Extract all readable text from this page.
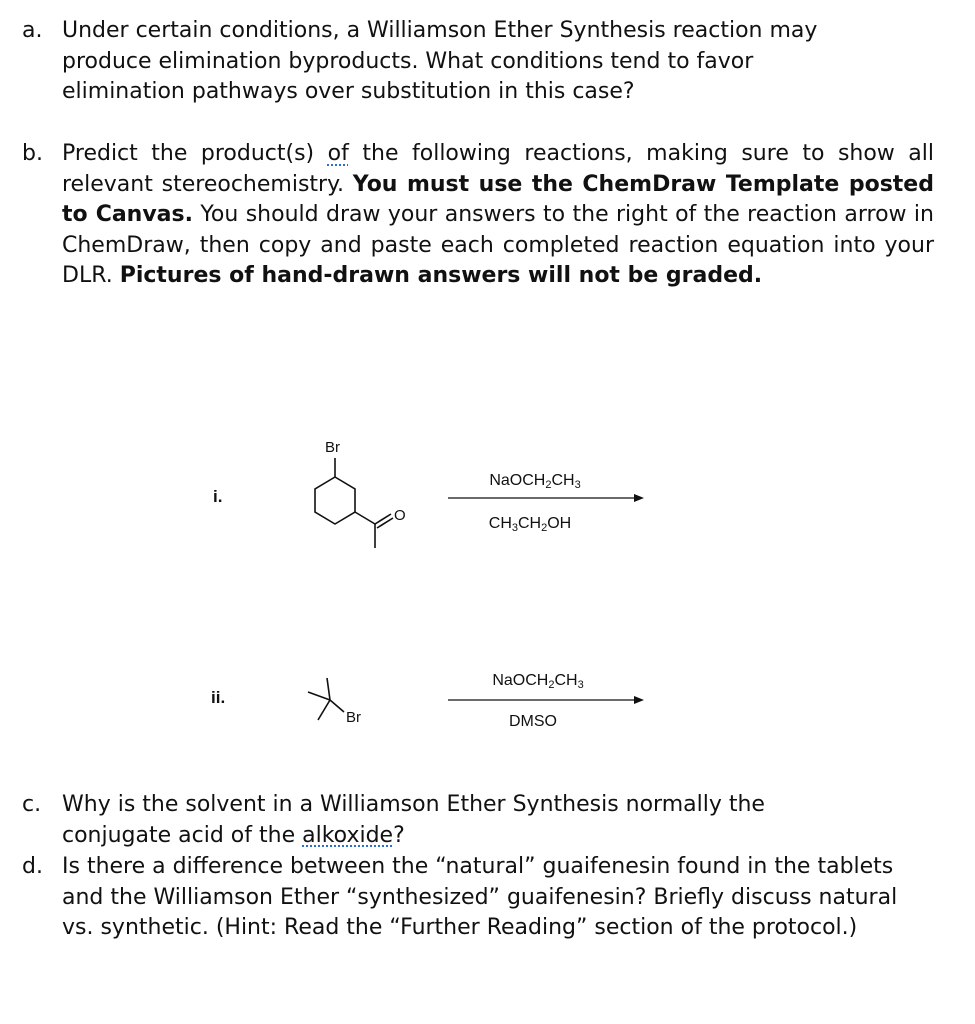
a. Under certain conditions, a Williamson Ether Synthesis reaction may produce elimination byproducts. What conditions tend to favor elimination pathways over substitution in this case?
b. Predict the product(s) of the following reactions, making sure to show all relevant stereochemistry. You must use the ChemDraw Template posted to Canvas. You should draw your answers to the right of the reaction arrow in ChemDraw, then copy and paste each completed reaction equation into your DLR. Pictures of hand-drawn answers will not be graded.
i.
Br
O
$NaOCH_2CH_3$
$CH_3CH_2OH$
ii.
Br
$NaOCH_2CH_3$
DMSO
c. Why is the solvent in a Williamson Ether Synthesis normally the conjugate acid of the alkoxide?
d. Is there a difference between the “natural” guaifenesin found in the tablets and the Williamson Ether “synthesized” guaifenesin? Briefly discuss natural vs. synthetic. (Hint: Read the “Further Reading” section of the protocol.)
